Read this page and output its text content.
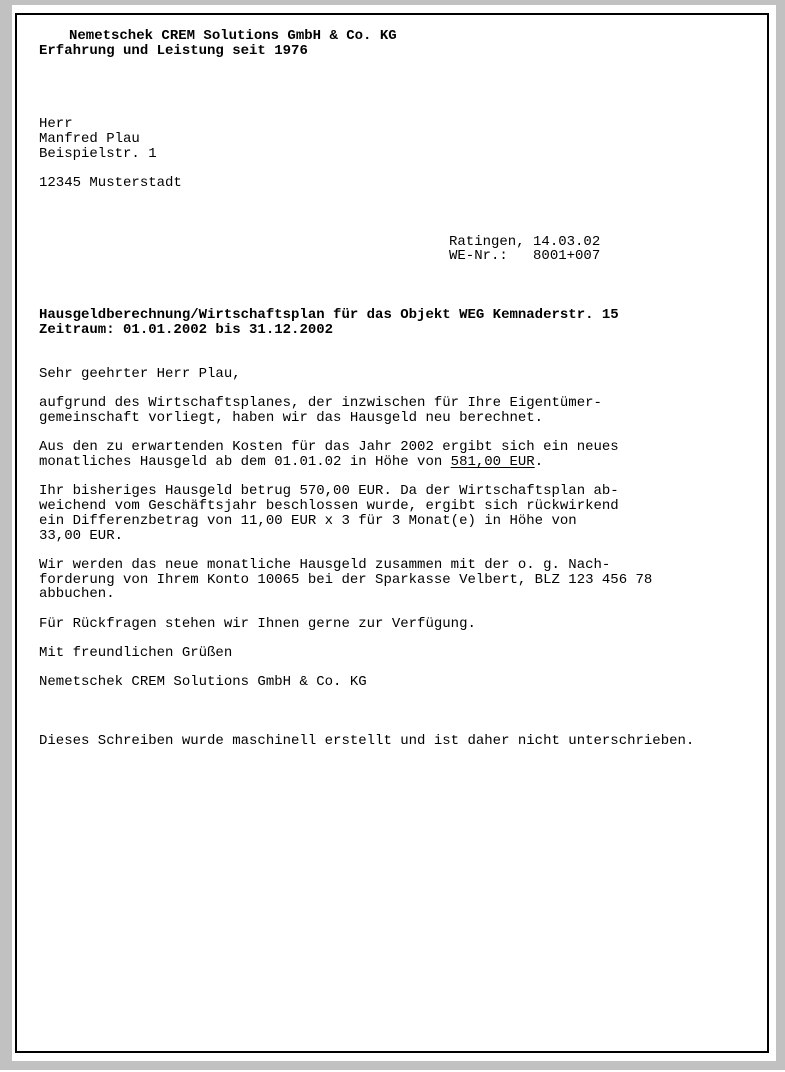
Nemetschek CREM Solutions GmbH & Co. KG
Erfahrung und Leistung seit 1976
Herr
Manfred Plau
Beispielstr. 1
12345 Musterstadt
Ratingen, 14.03.02
WE-Nr.:   8001+007
Hausgeldberechnung/Wirtschaftsplan für das Objekt WEG Kemnaderstr. 15
Zeitraum: 01.01.2002 bis 31.12.2002
Sehr geehrter Herr Plau,
aufgrund des Wirtschaftsplanes, der inzwischen für Ihre Eigentümer-
gemeinschaft vorliegt, haben wir das Hausgeld neu berechnet.
Aus den zu erwartenden Kosten für das Jahr 2002 ergibt sich ein neues
monatliches Hausgeld ab dem 01.01.02 in Höhe von 581,00 EUR.
Ihr bisheriges Hausgeld betrug 570,00 EUR. Da der Wirtschaftsplan ab-
weichend vom Geschäftsjahr beschlossen wurde, ergibt sich rückwirkend
ein Differenzbetrag von 11,00 EUR x 3 für 3 Monat(e) in Höhe von
33,00 EUR.
Wir werden das neue monatliche Hausgeld zusammen mit der o. g. Nach-
forderung von Ihrem Konto 10065 bei der Sparkasse Velbert, BLZ 123 456 78
abbuchen.
Für Rückfragen stehen wir Ihnen gerne zur Verfügung.
Mit freundlichen Grüßen
Nemetschek CREM Solutions GmbH & Co. KG
Dieses Schreiben wurde maschinell erstellt und ist daher nicht unterschrieben.
